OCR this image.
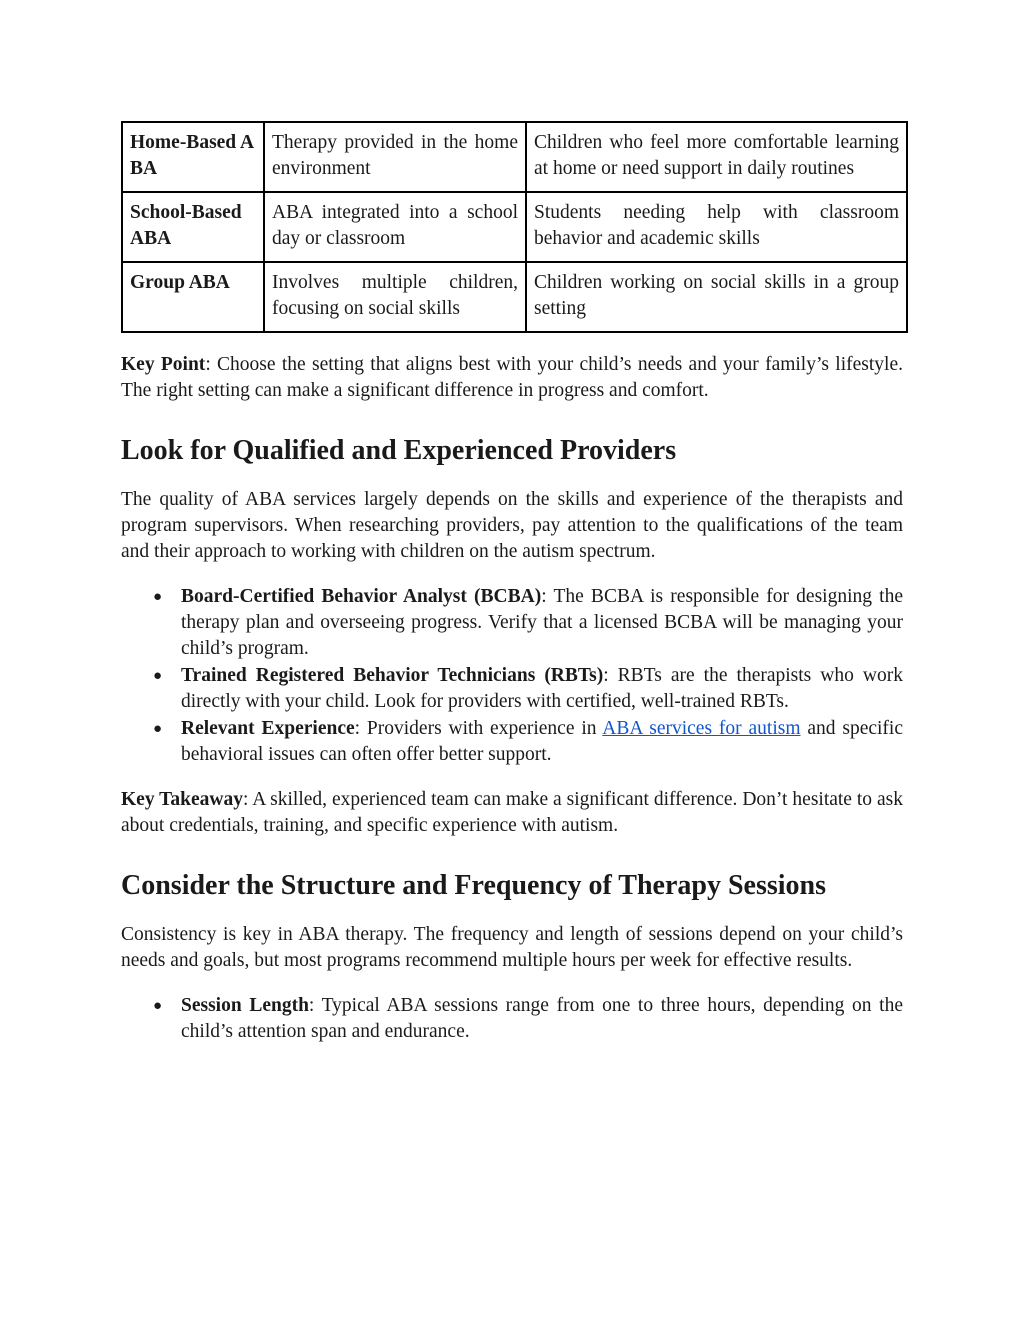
Home-Based ABA	Therapy provided in the home environment	Children who feel more comfortable learning at home or need support in daily routines
School-Based ABA	ABA integrated into a school day or classroom	Students needing help with classroom behavior and academic skills
Group ABA	Involves multiple children, focusing on social skills	Children working on social skills in a group setting

Key Point: Choose the setting that aligns best with your child’s needs and your family’s lifestyle. The right setting can make a significant difference in progress and comfort.

Look for Qualified and Experienced Providers

The quality of ABA services largely depends on the skills and experience of the therapists and program supervisors. When researching providers, pay attention to the qualifications of the team and their approach to working with children on the autism spectrum.

● Board-Certified Behavior Analyst (BCBA): The BCBA is responsible for designing the therapy plan and overseeing progress. Verify that a licensed BCBA will be managing your child’s program.
● Trained Registered Behavior Technicians (RBTs): RBTs are the therapists who work directly with your child. Look for providers with certified, well-trained RBTs.
● Relevant Experience: Providers with experience in ABA services for autism and specific behavioral issues can often offer better support.

Key Takeaway: A skilled, experienced team can make a significant difference. Don’t hesitate to ask about credentials, training, and specific experience with autism.

Consider the Structure and Frequency of Therapy Sessions

Consistency is key in ABA therapy. The frequency and length of sessions depend on your child’s needs and goals, but most programs recommend multiple hours per week for effective results.

● Session Length: Typical ABA sessions range from one to three hours, depending on the child’s attention span and endurance.
